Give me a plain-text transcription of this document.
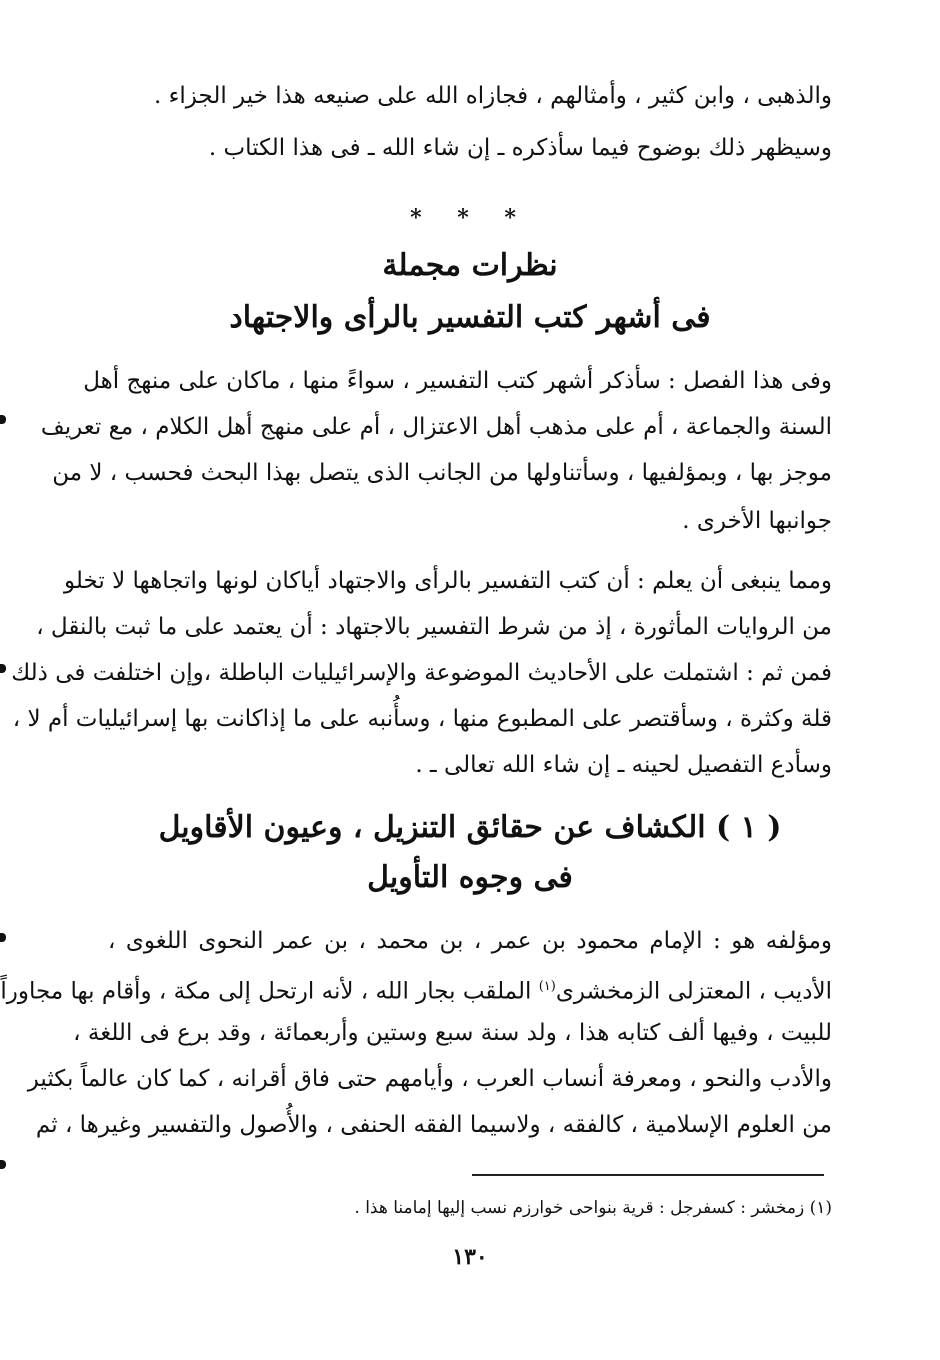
والذهبى ، وابن كثير ، وأمثالهم ، فجازاه الله على صنيعه هذا خير الجزاء .
وسيظهر ذلك بوضوح فيما سأذكره ـ إن شاء الله ـ فى هذا الكتاب .
* * *
نظرات مجملة
فى أشهر كتب التفسير بالرأى والاجتهاد
وفى هذا الفصل : سأذكر أشهر كتب التفسير ، سواءً منها ، ماكان على منهج أهل
السنة والجماعة ، أم على مذهب أهل الاعتزال ، أم على منهج أهل الكلام ، مع تعريف
موجز بها ، وبمؤلفيها ، وسأتناولها من الجانب الذى يتصل بهذا البحث فحسب ، لا من
جوانبها الأخرى .
ومما ينبغى أن يعلم : أن كتب التفسير بالرأى والاجتهاد أياكان لونها واتجاهها لا تخلو
من الروايات المأثورة ، إذ من شرط التفسير بالاجتهاد : أن يعتمد على ما ثبت بالنقل ،
فمن ثم : اشتملت على الأحاديث الموضوعة والإسرائيليات الباطلة ،وإن اختلفت فى ذلك
قلة وكثرة ، وسأقتصر على المطبوع منها ، وسأُنبه على ما إذاكانت بها إسرائيليات أم لا ،
وسأدع التفصيل لحينه ـ إن شاء الله تعالى ـ .
( ١ ) الكشاف عن حقائق التنزيل ، وعيون الأقاويل
فى وجوه التأويل
ومؤلفه هو : الإمام محمود بن عمر ، بن محمد ، بن عمر النحوى اللغوى ،
الأديب ، المعتزلى الزمخشرى$^{(١)}$ الملقب بجار الله ، لأنه ارتحل إلى مكة ، وأقام بها مجاوراً
للبيت ، وفيها ألف كتابه هذا ، ولد سنة سبع وستين وأربعمائة ، وقد برع فى اللغة ،
والأدب والنحو ، ومعرفة أنساب العرب ، وأيامهم حتى فاق أقرانه ، كما كان عالماً بكثير
من العلوم الإسلامية ، كالفقه ، ولاسيما الفقه الحنفى ، والأُصول والتفسير وغيرها ، ثم
(١) زمخشر : كسفرجل : قرية بنواحى خوارزم نسب إليها إمامنا هذا .
١٣٠
